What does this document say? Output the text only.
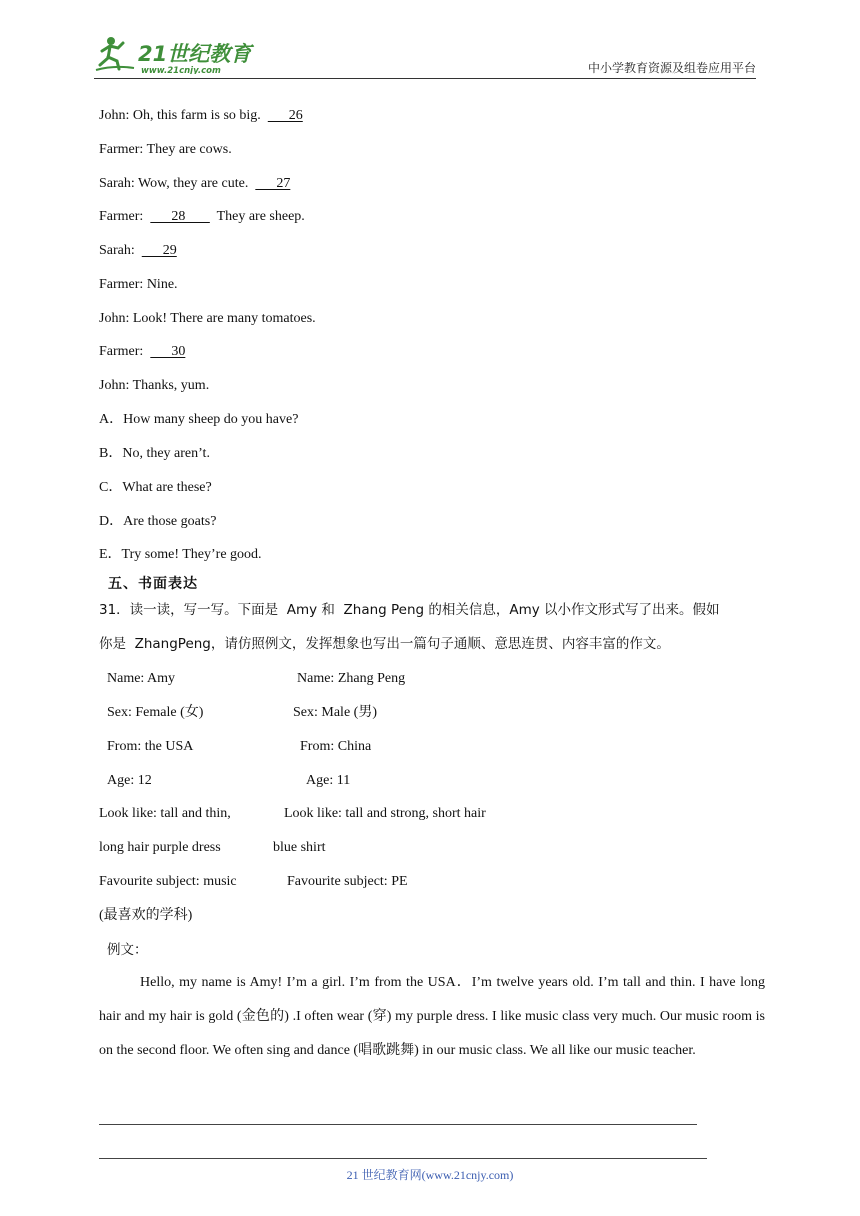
21世纪教育
www.21cnjy.com	中小学教育资源及组卷应用平台
John: Oh, this farm is so big.        26
Farmer: They are cows.
Sarah: Wow, they are cute.        27
Farmer:        28         They are sheep.
Sarah:        29
Farmer: Nine.
John: Look! There are many tomatoes.
Farmer:        30
John: Thanks, yum.
A．How many sheep do you have?
B．No, they aren’t.
C．What are these?
D．Are those goats?
E．Try some! They’re good.
五、书面表达
31．读一读，写一写。下面是  Amy 和  Zhang Peng 的相关信息，Amy 以小作文形式写了出来。假如
你是  ZhangPeng，请仿照例文，发挥想象也写出一篇句子通顺、意思连贯、内容丰富的作文。
Name: Amy	Name: Zhang Peng
Sex: Female (女)	Sex: Male (男)
From: the USA	From: China
Age: 12	Age: 11
Look like: tall and thin,	Look like: tall and strong, short hair
long hair purple dress	blue shirt
Favourite subject: music	Favourite subject: PE
(最喜欢的学科)
例文：
Hello, my name is Amy! I’m a girl. I’m from the USA．I’m twelve years old. I’m tall and thin. I have long hair and my hair is gold (金色的) .I often wear (穿) my purple dress. I like music class very much. Our music room is on the second floor. We often sing and dance (唱歌跳舞) in our music class. We all like our music teacher.
21 世纪教育网(www.21cnjy.com)
